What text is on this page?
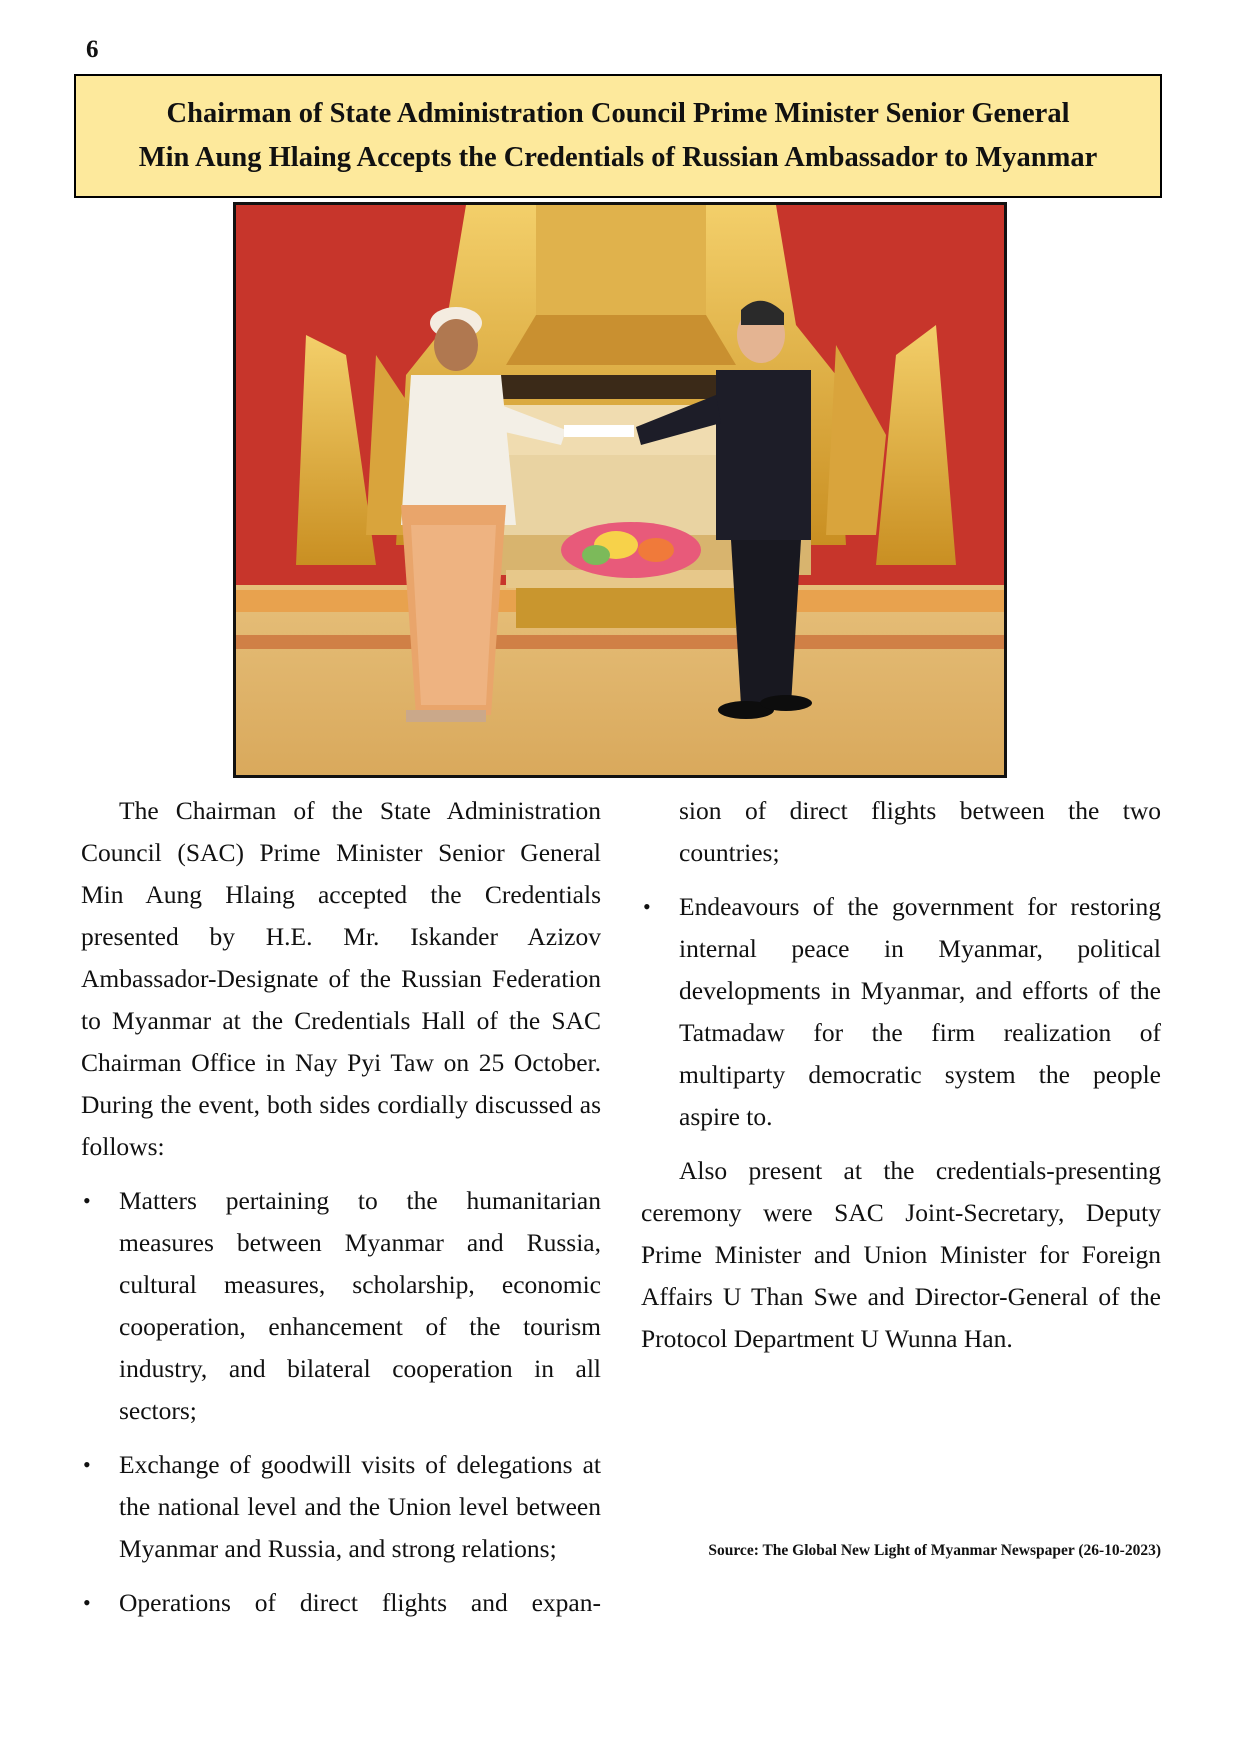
6
Chairman of State Administration Council Prime Minister Senior General
Min Aung Hlaing Accepts the Credentials of Russian Ambassador to Myanmar

The Chairman of the State Administration Council (SAC) Prime Minister Senior General Min Aung Hlaing accepted the Credentials presented by H.E. Mr. Iskander Azizov Ambassador-Designate of the Russian Federation to Myanmar at the Credentials Hall of the SAC Chairman Office in Nay Pyi Taw on 25 October. During the event, both sides cordially discussed as follows:

• Matters pertaining to the humanitarian measures between Myanmar and Russia, cultural measures, scholarship, economic cooperation, enhancement of the tourism industry, and bilateral cooperation in all sectors;
• Exchange of goodwill visits of delegations at the national level and the Union level between Myanmar and Russia, and strong relations;
• Operations of direct flights and expan-
sion of direct flights between the two countries;
• Endeavours of the government for restoring internal peace in Myanmar, political developments in Myanmar, and efforts of the Tatmadaw for the firm realization of multiparty democratic system the people aspire to.

Also present at the credentials-presenting ceremony were SAC Joint-Secretary, Deputy Prime Minister and Union Minister for Foreign Affairs U Than Swe and Director-General of the Protocol Department U Wunna Han.

Source: The Global New Light of Myanmar Newspaper (26-10-2023)
